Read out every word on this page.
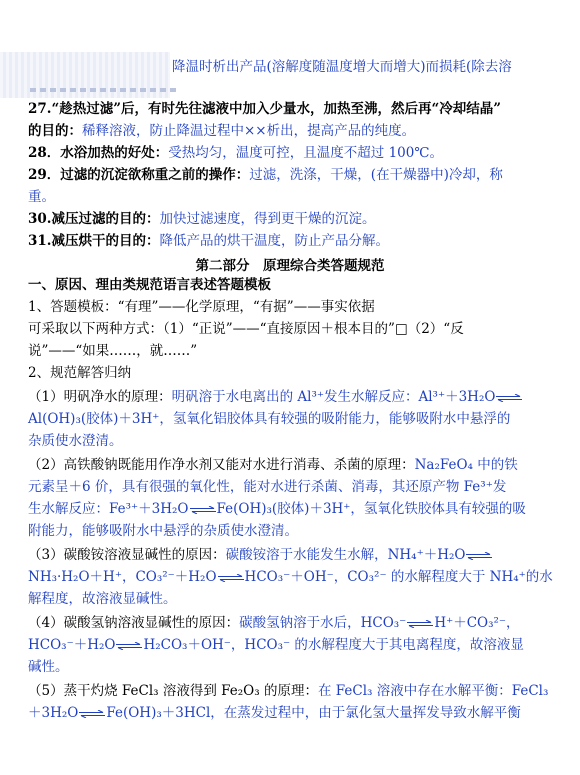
降温时析出产品(溶解度随温度增大而增大)而损耗(除去溶
27.“趁热过滤”后，有时先往滤液中加入少量水，加热至沸，然后再“冷却结晶”
的目的：稀释溶液，防止降温过程中××析出，提高产品的纯度。
28．水浴加热的好处：受热均匀，温度可控，且温度不超过 100℃。
29．过滤的沉淀欲称重之前的操作：过滤，洗涤，干燥，(在干燥器中)冷却，称
重。
30.减压过滤的目的：加快过滤速度，得到更干燥的沉淀。
31.减压烘干的目的：降低产品的烘干温度，防止产品分解。
第二部分　原理综合类答题规范
一、原因、理由类规范语言表述答题模板
1、答题模板：“有理”——化学原理，“有据”——事实依据
可采取以下两种方式：（1）“正说”——“直接原因＋根本目的”□（2）“反
说”——“如果……，就……”
2、规范解答归纳
（1）明矾净水的原理：明矾溶于水电离出的 Al³⁺发生水解反应：Al³⁺＋3H₂O⇌
Al(OH)₃(胶体)＋3H⁺，氢氧化铝胶体具有较强的吸附能力，能够吸附水中悬浮的
杂质使水澄清。
（2）高铁酸钠既能用作净水剂又能对水进行消毒、杀菌的原理：Na₂FeO₄ 中的铁
元素呈＋6 价，具有很强的氧化性，能对水进行杀菌、消毒，其还原产物 Fe³⁺发
生水解反应：Fe³⁺＋3H₂O⇌Fe(OH)₃(胶体)＋3H⁺，氢氧化铁胶体具有较强的吸
附能力，能够吸附水中悬浮的杂质使水澄清。
（3）碳酸铵溶液显碱性的原因：碳酸铵溶于水能发生水解，NH₄⁺＋H₂O⇌
NH₃·H₂O＋H⁺，CO₃²⁻＋H₂O⇌HCO₃⁻＋OH⁻，CO₃²⁻ 的水解程度大于 NH₄⁺的水
解程度，故溶液显碱性。
（4）碳酸氢钠溶液显碱性的原因：碳酸氢钠溶于水后，HCO₃⁻⇌H⁺＋CO₃²⁻，
HCO₃⁻＋H₂O⇌H₂CO₃＋OH⁻，HCO₃⁻ 的水解程度大于其电离程度，故溶液显
碱性。
（5）蒸干灼烧 FeCl₃ 溶液得到 Fe₂O₃ 的原理：在 FeCl₃ 溶液中存在水解平衡：FeCl₃
＋3H₂O⇌Fe(OH)₃＋3HCl，在蒸发过程中，由于氯化氢大量挥发导致水解平衡
